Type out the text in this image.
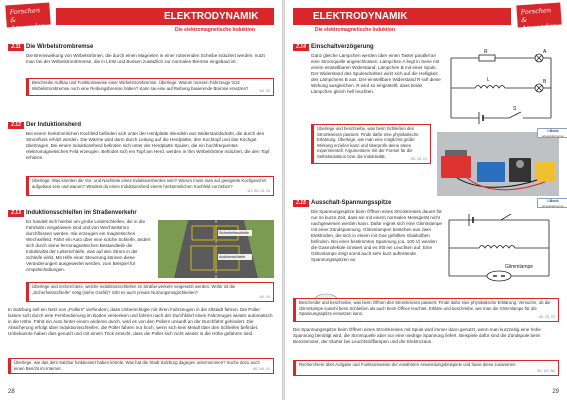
Forschen & Anwenden
ELEKTRODYNAMIK
Die elektromagnetische Induktion
2.11 Die Wirbelstrombremse
Die Bremswirkung von Wirbelströmen, die durch einen Magneten in einer rotierenden Scheibe induziert werden, nutzt man bei der Wirbelstrombremse, die in LKW und Bussen zusätzlich zur normalen Bremse eingebaut ist.
Beschreibe Aufbau und Funktionsweise einer Wirbelstrombremse. Überlege: Warum müssen Fahrzeuge trotz Wirbelstrombremse noch eine Reibungsbremse haben? Kann sie eine auf Reibung basierende Bremse ersetzen?	W1, S4
2.12 Der Induktionsherd
Bei einem herkömmlichen Kochfeld befinden sich unter der Herdplatte Wendeln aus Widerstandsdraht, die durch den Stromfluss erhitzt werden. Die Wärme wird dann durch Leitung auf die Herdplatte, den Kochtopf und das Kochgut übertragen. Bei einem Induktionsherd befinden sich unter der Herdplatte Spulen, die ein hochfrequentes elektromagnetisches Feld erzeugen. Befindet sich ein Topf am Herd, werden in ihm Wirbelströme induziert, die den Topf erhitzen.
Überlege: Was könnten die Vor- und Nachteile eines Induktionsherdes sein? Warum muss man auf geeignete Kochgeschirr aufgebaut sein und warum? Würdest du einen Induktionsherd einem herkömmlichen Kochfeld vorziehen?
W1, W4, S3, S4
2.13 Induktionsschleifen im Straßenverkehr
Es handelt sich hierbei um große Leiterschleifen, die in die Fahrbahn eingelassen sind und von Wechselstrom durchflossen werden. Sie erzeugen ein magnetisches Wechselfeld. Fährt ein Auto über eine solche Schleife, ändert sich durch seine ferromagnetischen Bestandteile die Induktivität der Leiterschleife, was auf den Strom in der Schleife wirkt. Mit Hilfe einer Steuerung können diese Veränderungen ausgewertet werden, zum Beispiel für Ampelschaltungen.
Sicherheitsschleife
Auslöserschleife
Überlege und recherchiere, welche Induktionsschleifen im Straßenverkehr eingesetzt werden. Wofür ist die „Sicherheitsschleife“ nötig (siehe Grafik)? Gibt es auch private Nutzungsmöglichkeiten?
W1, S4
In Salzburg soll ein Netz von „Pollern“ verhindern, dass Unberechtigte mit ihren Fahrzeugen in die Altstadt fahren. Die Poller lassen sich durch eine Fernbedienung im Boden versenken und fahren nach der Durchfahrt eines Fahrzeuges wieder automatisch in die Höhe. Fährt ein Auto hinter einem anderen durch, wird es von den Pollern unsanft an der Durchfahrt gehindert. Die Absicherung erfolgt über Induktionsschleifen, die Poller fahren nur hoch, wenn sich kein Metall über den Schleifen befindet. Unbekannte haben dies genutzt und mit einem Trick erreicht, dass die Poller sich nicht wieder in die Höhe gefahren sind.
Überlege, wie das dem Salzbur funktioniert haben könnte. Was hat die Stadt Salzburg dagegen unternommen? Suche dazu auch einen Bericht im Internet.	W1, W4, S1
28
ELEKTRODYNAMIK	Forschen & Anwenden
Die elektromagnetische Induktion
2.14 Einschaltverzögerung
Ganz gleiche Lämpchen werden über einen Taster parallel an eine Stromquelle angeschlossen. Lämpchen A liegt in Serie mit einem einstellbaren Widerstand, Lämpchen B mit einer Spule. Der Widerstand des Spulendrahtes wirkt sich auf die Helligkeit des Lämpchens B aus. Der einstellbare Widerstand R soll diese Wirkung ausgleichen. R wird so eingestellt, dass beide Lämpchen gleich hell leuchten.
A
B
R
L
S
Überlege und beschreibe, was beim Schließen des Stromkreises passiert. Finde dafür eine physikalische Erklärung. Überlege, wie man eine möglichst große Wirkung erzielen kann und überprüfe deine Ideen experimentell. Argumentiere mit der Formel für die Selbstinduktion bzw. die Induktivität.	W1, S2, E3
i-Book
arbeitsblatt lernen
2.15 Ausschalt-Spannungsspitze
Die Spannungsspitze beim Öffnen eines Stromkreises dauert für nur so kurze Zeit, dass sie mit einem normalen Messgerät nicht nachgewiesen werden kann. Dafür eignet sich eine Glimmlampe mit einer Zündspannung. Glimmlampen bestehen aus zwei Elektroden, die sich in einem mit Gas gefüllten Glaskolben befinden. Bei einer bestimmten Spannung (ca. 100 V) werden die Gasmoleküle ionisiert und es tritt ein Leuchten auf. Eine Glimmlampe zeigt somit auch sehr kurz auftretende Spannungsspitzen an.
i-Book
arbeitsblatt lernen
Glimmlampe
Beschreibe und beschreibe, was beim Öffnen des Stromkreises passiert. Finde dafür eine physikalische Erklärung. Versuche, ob die Glimmlampe sowohl beim Schließen als auch beim Öffnen leuchtet. Erkläre und beschreibe, wie man die Glimmlampe für die Spannungsspitze einsetzen kann.
W1, S2, E3
Die Spannungsspitze beim Öffnen eines Stromkreises mit Spule wird immer dann genutzt, wenn man kurzzeitig eine hohe Spannung benötigt wird, die Stromquelle aber nur eine niedrige Spannung liefert. Beispiele dafür sind die Zündspule beim Benzinmotor, der Starter bei Leuchtstofflampen und der Elektrozaun.
Recherchiere über Aufgabe und Funktionsweise der erwähnten Anwendungsbeispiele und fasse diese zusammen.
W1, W2, W4
29
